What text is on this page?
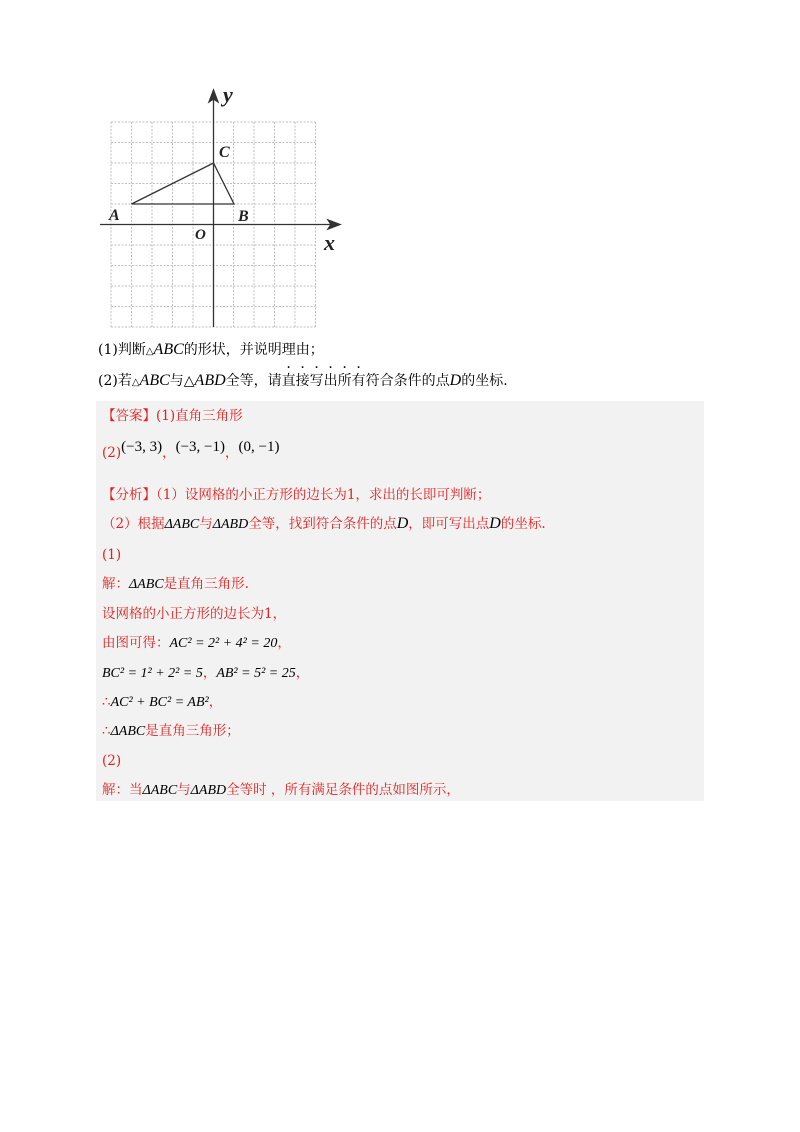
y
x
O
A	B
C
(1)判断△ABC的形状，并说明理由；
(2)若△ABC与△ABD全等，请直接写出所有符合条件的点D的坐标.
【答案】(1)直角三角形
(2)(−3, 3)，(−3, −1)，(0, −1)
【分析】（1）设网格的小正方形的边长为1，求出的长即可判断；
（2）根据ΔABC与ΔABD全等，找到符合条件的点D，即可写出点D的坐标.
(1)
解：ΔABC是直角三角形.
设网格的小正方形的边长为1，
由图可得：AC² = 2² + 4² = 20，
BC² = 1² + 2² = 5，AB² = 5² = 25，
∴AC² + BC² = AB²，
∴ΔABC是直角三角形；
(2)
解：当ΔABC与ΔABD全等时 ，所有满足条件的点如图所示，
